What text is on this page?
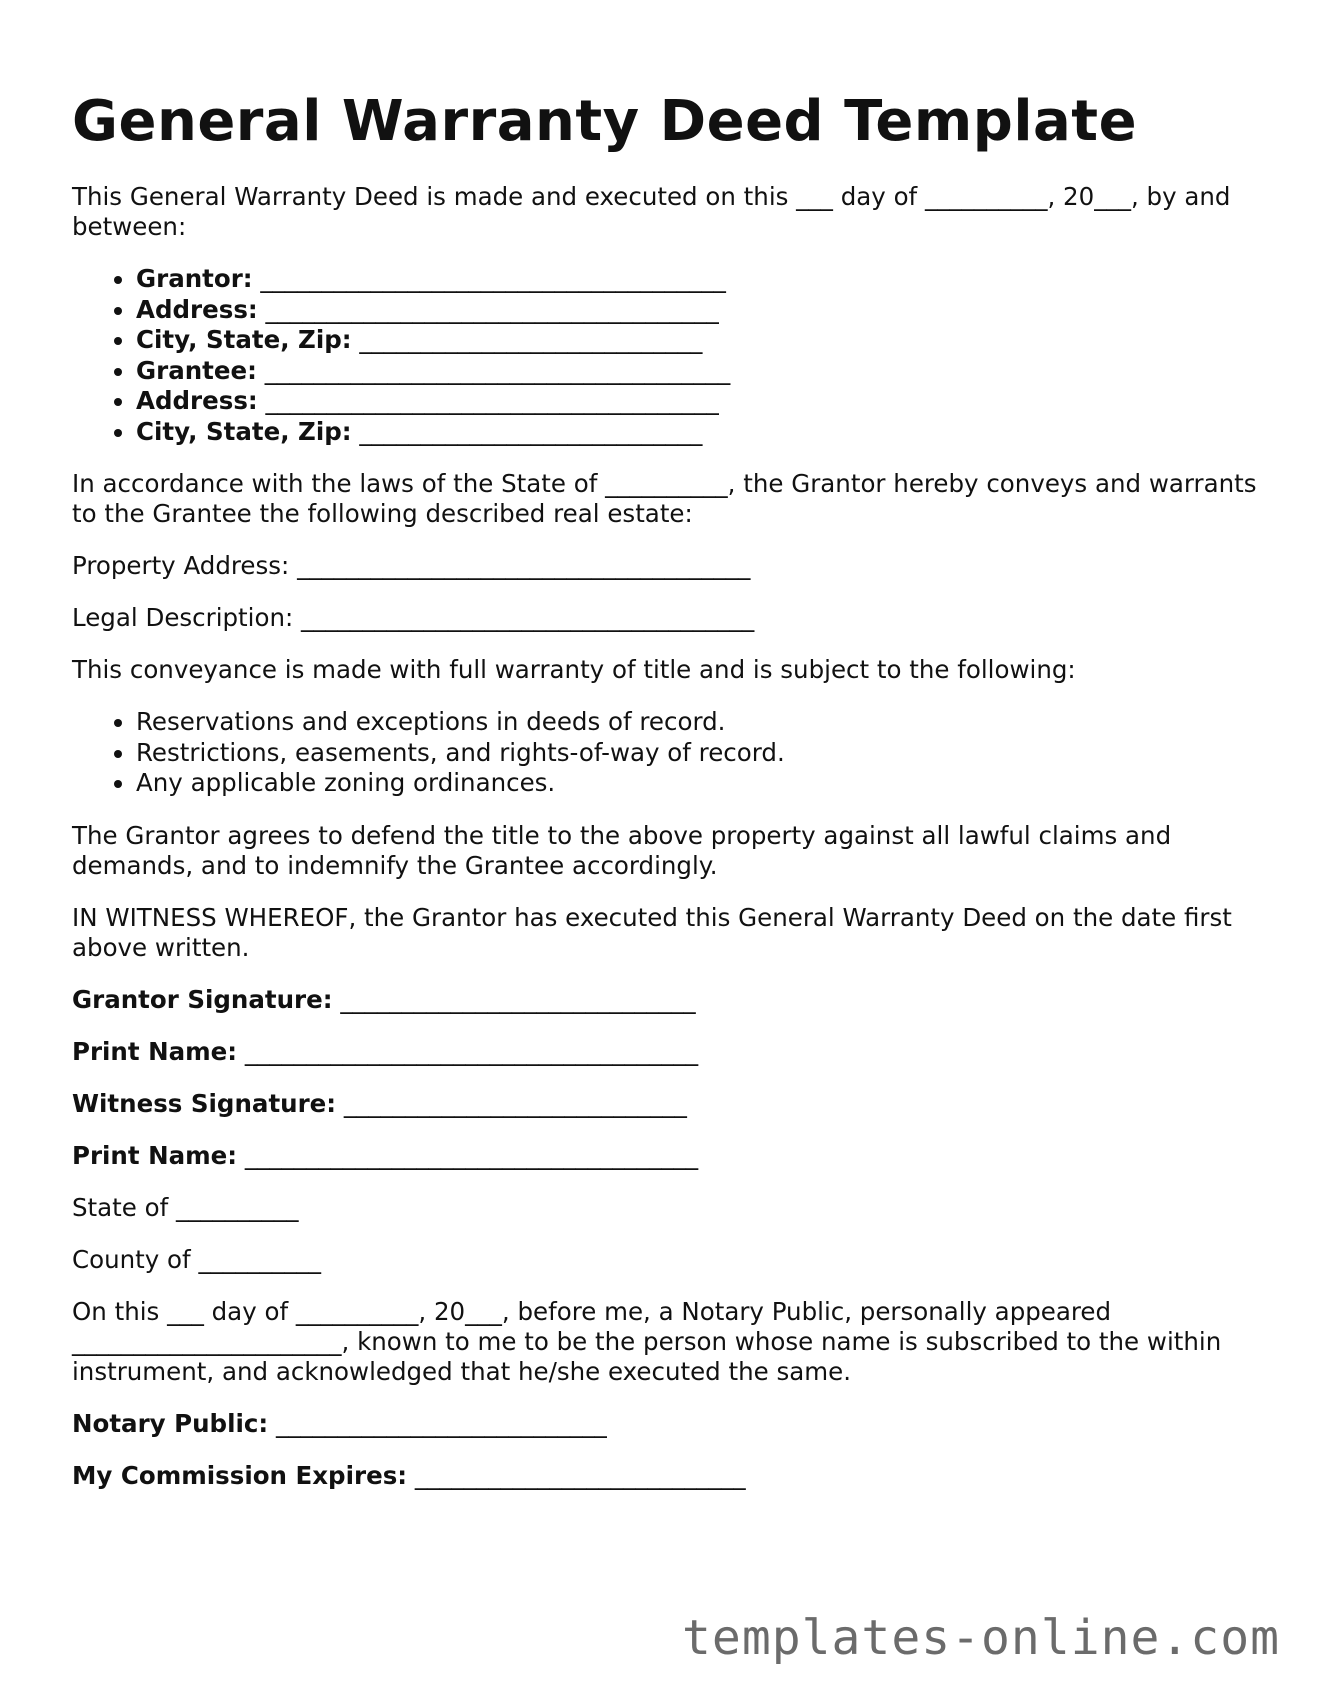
General Warranty Deed Template

This General Warranty Deed is made and executed on this ___ day of __________, 20___, by and between:

• Grantor: ______________________________________
• Address: _____________________________________
• City, State, Zip: ____________________________
• Grantee: ______________________________________
• Address: _____________________________________
• City, State, Zip: ____________________________

In accordance with the laws of the State of __________, the Grantor hereby conveys and warrants to the Grantee the following described real estate:

Property Address: _____________________________________

Legal Description: _____________________________________

This conveyance is made with full warranty of title and is subject to the following:

• Reservations and exceptions in deeds of record.
• Restrictions, easements, and rights-of-way of record.
• Any applicable zoning ordinances.

The Grantor agrees to defend the title to the above property against all lawful claims and demands, and to indemnify the Grantee accordingly.

IN WITNESS WHEREOF, the Grantor has executed this General Warranty Deed on the date first above written.

Grantor Signature: _____________________________

Print Name: _____________________________________

Witness Signature: ____________________________

Print Name: _____________________________________

State of __________

County of __________

On this ___ day of __________, 20___, before me, a Notary Public, personally appeared ______________________, known to me to be the person whose name is subscribed to the within instrument, and acknowledged that he/she executed the same.

Notary Public: ___________________________

My Commission Expires: ___________________________

templates-online.com
